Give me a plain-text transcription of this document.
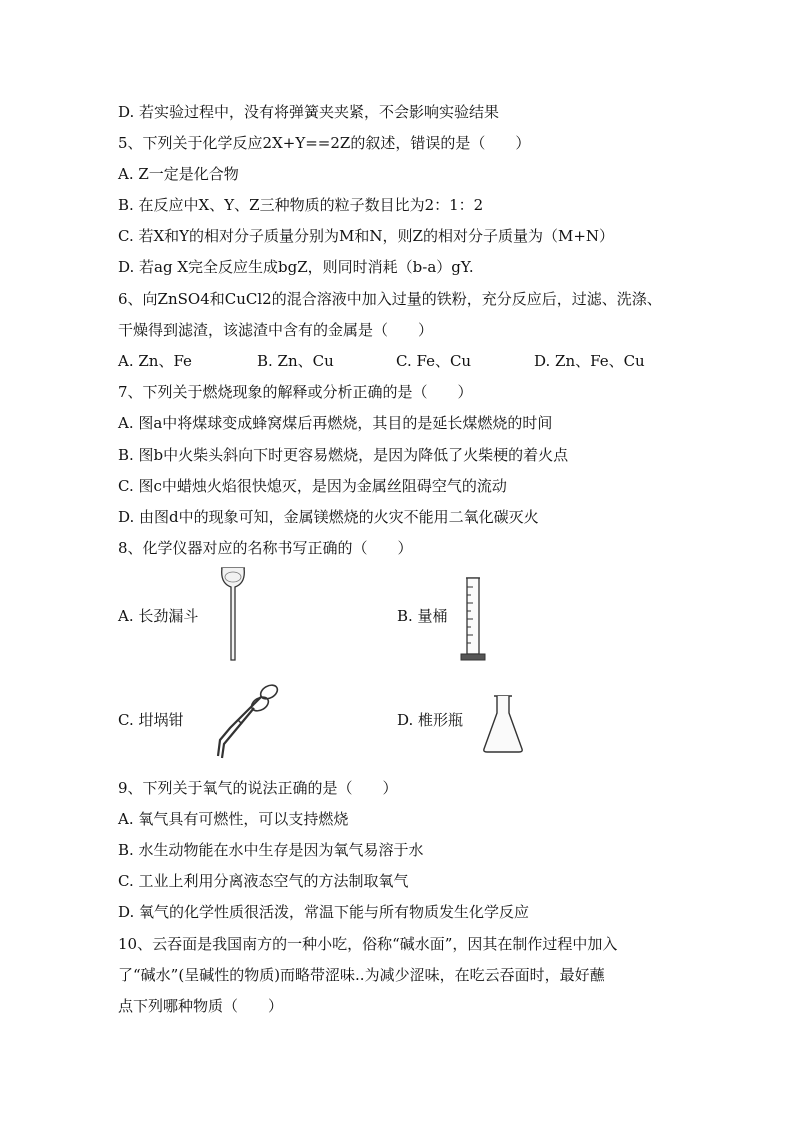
D. 若实验过程中，没有将弹簧夹夹紧，不会影响实验结果
5、下列关于化学反应2X+Y==2Z的叙述，错误的是（　　）
A. Z一定是化合物
B. 在反应中X、Y、Z三种物质的粒子数目比为2：1：2
C. 若X和Y的相对分子质量分别为M和N，则Z的相对分子质量为（M+N）
D. 若ag X完全反应生成bgZ，则同时消耗（b-a）gY.
6、向ZnSO4和CuCl2的混合溶液中加入过量的铁粉，充分反应后，过滤、洗涤、
干燥得到滤渣，该滤渣中含有的金属是（　　）
A. Zn、Fe	B. Zn、Cu	C. Fe、Cu	D. Zn、Fe、Cu
7、下列关于燃烧现象的解释或分析正确的是（　　）
A. 图a中将煤球变成蜂窝煤后再燃烧，其目的是延长煤燃烧的时间
B. 图b中火柴头斜向下时更容易燃烧，是因为降低了火柴梗的着火点
C. 图c中蜡烛火焰很快熄灭，是因为金属丝阻碍空气的流动
D. 由图d中的现象可知，金属镁燃烧的火灾不能用二氧化碳灭火
8、化学仪器对应的名称书写正确的（　　）
A. 长劲漏斗	B. 量桶
C. 坩埚钳	D. 椎形瓶
9、下列关于氧气的说法正确的是（　　）
A. 氧气具有可燃性，可以支持燃烧
B. 水生动物能在水中生存是因为氧气易溶于水
C. 工业上利用分离液态空气的方法制取氧气
D. 氧气的化学性质很活泼，常温下能与所有物质发生化学反应
10、云吞面是我国南方的一种小吃，俗称“碱水面”，因其在制作过程中加入
了“碱水”(呈碱性的物质)而略带涩味..为减少涩味，在吃云吞面时，最好蘸
点下列哪种物质（　　）
